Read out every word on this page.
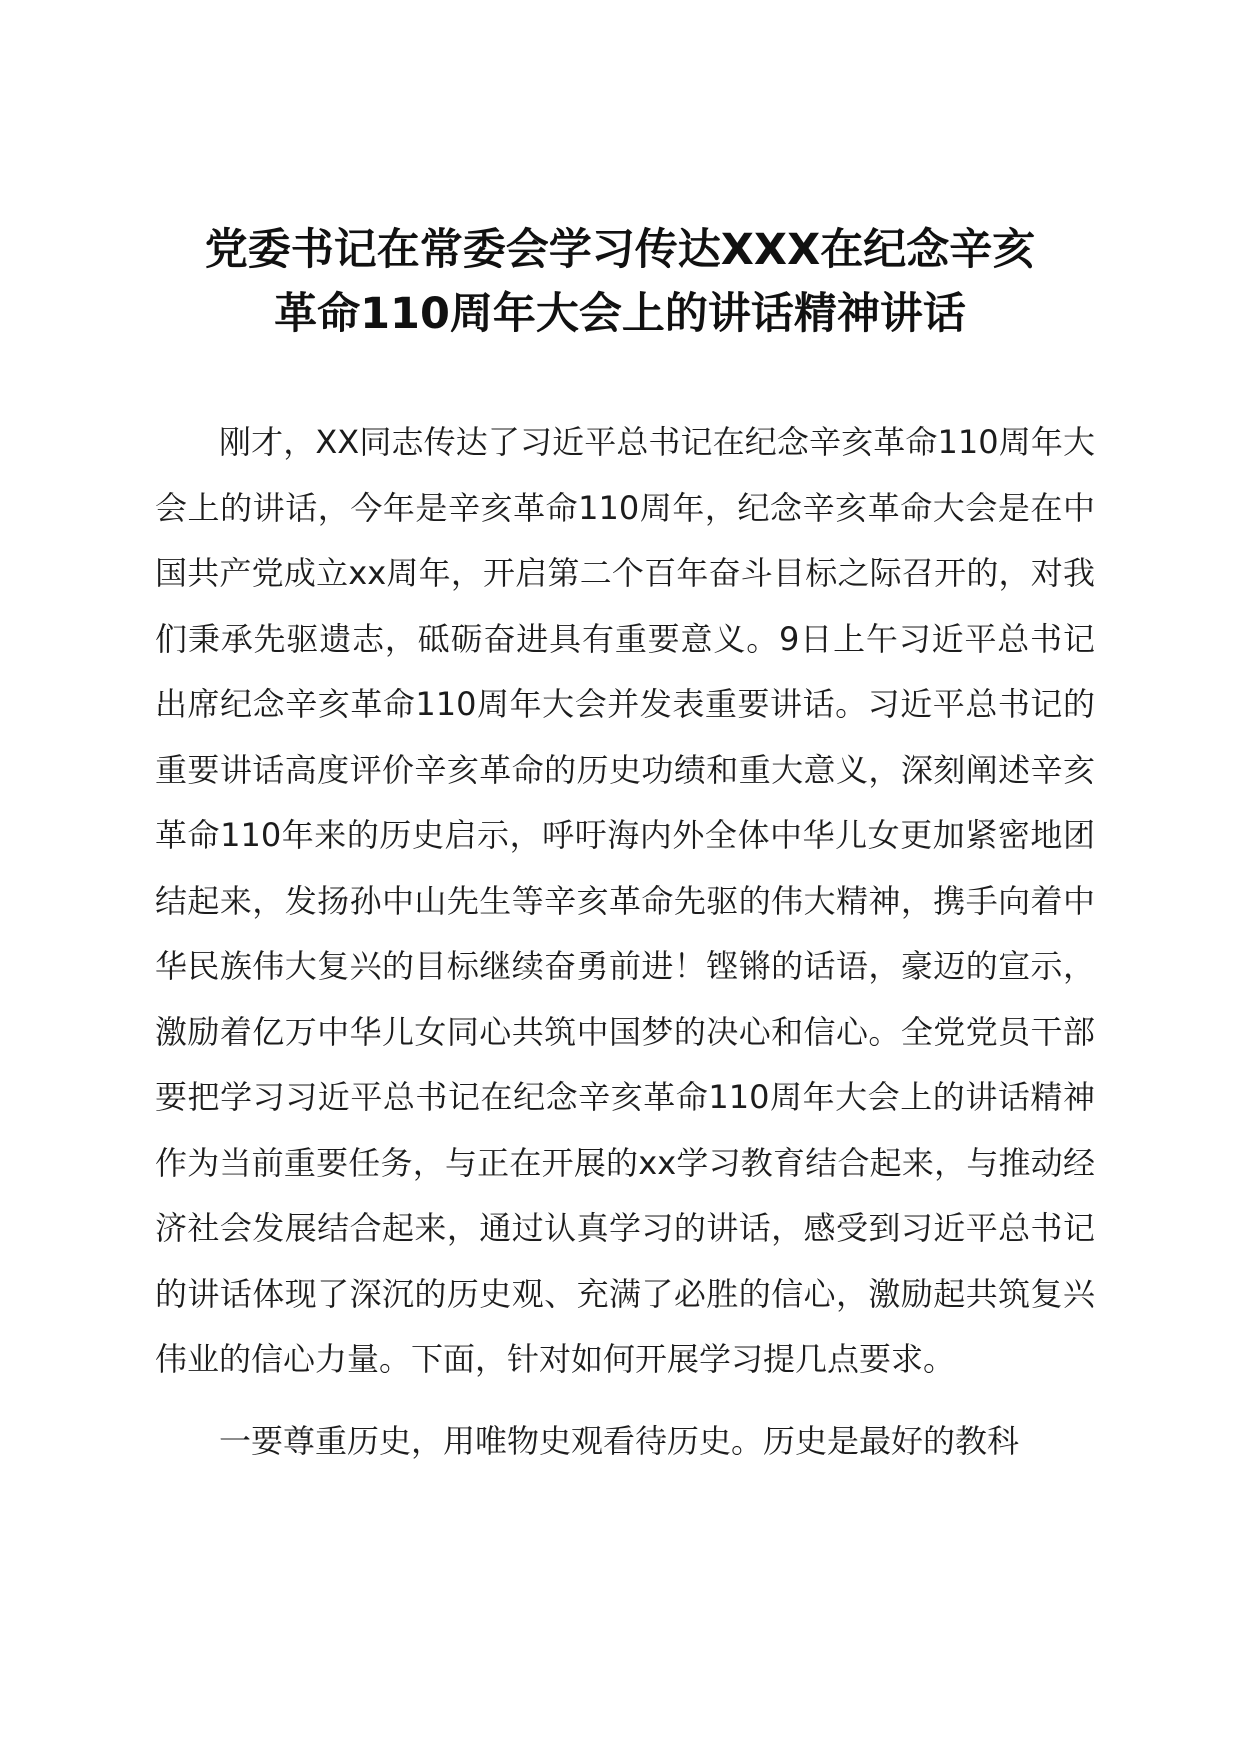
党委书记在常委会学习传达XXX在纪念辛亥
革命110周年大会上的讲话精神讲话

刚才，XX同志传达了习近平总书记在纪念辛亥革命110周年大会上的讲话，今年是辛亥革命110周年，纪念辛亥革命大会是在中国共产党成立xx周年，开启第二个百年奋斗目标之际召开的，对我们秉承先驱遗志，砥砺奋进具有重要意义。9日上午习近平总书记出席纪念辛亥革命110周年大会并发表重要讲话。习近平总书记的重要讲话高度评价辛亥革命的历史功绩和重大意义，深刻阐述辛亥革命110年来的历史启示，呼吁海内外全体中华儿女更加紧密地团结起来，发扬孙中山先生等辛亥革命先驱的伟大精神，携手向着中华民族伟大复兴的目标继续奋勇前进！铿锵的话语，豪迈的宣示，激励着亿万中华儿女同心共筑中国梦的决心和信心。全党党员干部要把学习习近平总书记在纪念辛亥革命110周年大会上的讲话精神作为当前重要任务，与正在开展的xx学习教育结合起来，与推动经济社会发展结合起来，通过认真学习的讲话，感受到习近平总书记的讲话体现了深沉的历史观、充满了必胜的信心，激励起共筑复兴伟业的信心力量。下面，针对如何开展学习提几点要求。

一要尊重历史，用唯物史观看待历史。历史是最好的教科
